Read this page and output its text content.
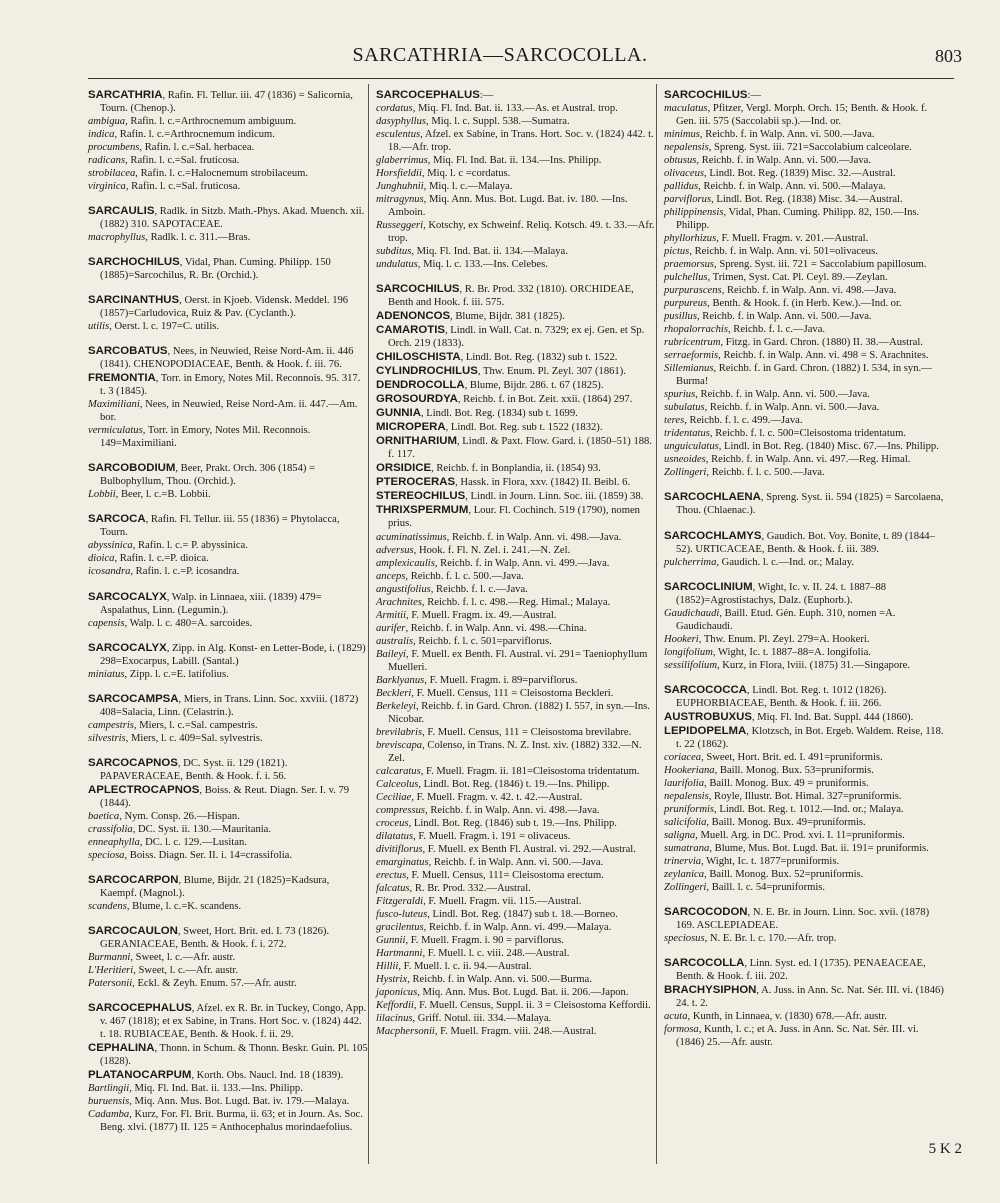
SARCATHRIA—SARCOCOLLA.	803

SARCATHRIA, Rafin. Fl. Tellur. iii. 47 (1836) = Salicornia, Tourn. (Chenop.).

ambigua, Rafin. l. c.=Arthrocnemum ambiguum.

indica, Rafin. l. c.=Arthrocnemum indicum.

procumbens, Rafin. l. c.=Sal. herbacea.

radicans, Rafin. l. c.=Sal. fruticosa.

strobilacea, Rafin. l. c.=Halocnemum strobilaceum.

virginica, Rafin. l. c.=Sal. fruticosa.

SARCAULIS, Radlk. in Sitzb. Math.-Phys. Akad. Muench. xii. (1882) 310. SAPOTACEAE.

macrophyllus, Radlk. l. c. 311.—Bras.

SARCHOCHILUS, Vidal, Phan. Cuming. Philipp. 150 (1885)=Sarcochilus, R. Br. (Orchid.).

SARCINANTHUS, Oerst. in Kjoeb. Vidensk. Meddel. 196 (1857)=Carludovica, Ruiz & Pav. (Cyclanth.).

utilis, Oerst. l. c. 197=C. utilis.

SARCOBATUS, Nees, in Neuwied, Reise Nord-Am. ii. 446 (1841). CHENOPODIACEAE, Benth. & Hook. f. iii. 76.

FREMONTIA, Torr. in Emory, Notes Mil. Reconnois. 95. 317. t. 3 (1845).

Maximiliani, Nees, in Neuwied, Reise Nord-Am. ii. 447.—Am. bor.

vermiculatus, Torr. in Emory, Notes Mil. Reconnois. 149=Maximiliani.

SARCOBODIUM, Beer, Prakt. Orch. 306 (1854) = Bulbophyllum, Thou. (Orchid.).

Lobbii, Beer, l. c.=B. Lobbii.

SARCOCA, Rafin. Fl. Tellur. iii. 55 (1836) = Phytolacca, Tourn.

abyssinica, Rafin. l. c.= P. abyssinica.

dioica, Rafin. l. c.=P. dioica.

icosandra, Rafin. l. c.=P. icosandra.

SARCOCALYX, Walp. in Linnaea, xiii. (1839) 479= Aspalathus, Linn. (Legumin.).

capensis, Walp. l. c. 480=A. sarcoides.

SARCOCALYX, Zipp. in Alg. Konst- en Letter-Bode, i. (1829) 298=Exocarpus, Labill. (Santal.)

miniatus, Zipp. l. c.=E. latifolius.

SARCOCAMPSA, Miers, in Trans. Linn. Soc. xxviii. (1872) 408=Salacia, Linn. (Celastrin.).

campestris, Miers, l. c.=Sal. campestris.

silvestris, Miers, l. c. 409=Sal. sylvestris.

SARCOCAPNOS, DC. Syst. ii. 129 (1821). PAPAVERACEAE, Benth. & Hook. f. i. 56.

APLECTROCAPNOS, Boiss. & Reut. Diagn. Ser. I. v. 79 (1844).

baetica, Nym. Consp. 26.—Hispan.

crassifolia, DC. Syst. ii. 130.—Mauritania.

enneaphylla, DC. l. c. 129.—Lusitan.

speciosa, Boiss. Diagn. Ser. II. i. 14=crassifolia.

SARCOCARPON, Blume, Bijdr. 21 (1825)=Kadsura, Kaempf. (Magnol.).

scandens, Blume, l. c.=K. scandens.

SARCOCAULON, Sweet, Hort. Brit. ed. I. 73 (1826). GERANIACEAE, Benth. & Hook. f. i. 272.

Burmanni, Sweet, l. c.—Afr. austr.

L'Heritieri, Sweet, l. c.—Afr. austr.

Patersonii, Eckl. & Zeyh. Enum. 57.—Afr. austr.

SARCOCEPHALUS, Afzel. ex R. Br. in Tuckey, Congo, App. v. 467 (1818); et ex Sabine, in Trans. Hort Soc. v. (1824) 442. t. 18. RUBIACEAE, Benth. & Hook. f. ii. 29.

CEPHALINA, Thonn. in Schum. & Thonn. Beskr. Guin. Pl. 105 (1828).

PLATANOCARPUM, Korth. Obs. Naucl. Ind. 18 (1839).

Bartlingii, Miq. Fl. Ind. Bat. ii. 133.—Ins. Philipp.

buruensis, Miq. Ann. Mus. Bot. Lugd. Bat. iv. 179.—Malaya.

Cadamba, Kurz, For. Fl. Brit. Burma, ii. 63; et in Journ. As. Soc. Beng. xlvi. (1877) II. 125 = Anthocephalus morindaefolius.

SARCOCEPHALUS:—

cordatus, Miq. Fl. Ind. Bat. ii. 133.—As. et Austral. trop.

dasyphyllus, Miq. l. c. Suppl. 538.—Sumatra.

esculentus, Afzel. ex Sabine, in Trans. Hort. Soc. v. (1824) 442. t. 18.—Afr. trop.

glaberrimus, Miq. Fl. Ind. Bat. ii. 134.—Ins. Philipp.

Horsfieldii, Miq. l. c =cordatus.

Junghuhnii, Miq. l. c.—Malaya.

mitragynus, Miq. Ann. Mus. Bot. Lugd. Bat. iv. 180. —Ins. Amboin.

Russeggeri, Kotschy, ex Schweinf. Reliq. Kotsch. 49. t. 33.—Afr. trop.

subditus, Miq. Fl. Ind. Bat. ii. 134.—Malaya.

undulatus, Miq. l. c. 133.—Ins. Celebes.

SARCOCHILUS, R. Br. Prod. 332 (1810). ORCHIDEAE, Benth and Hook. f. iii. 575.

ADENONCOS, Blume, Bijdr. 381 (1825).

CAMAROTIS, Lindl. in Wall. Cat. n. 7329; ex ej. Gen. et Sp. Orch. 219 (1833).

CHILOSCHISTA, Lindl. Bot. Reg. (1832) sub t. 1522.

CYLINDROCHILUS, Thw. Enum. Pl. Zeyl. 307 (1861).

DENDROCOLLA, Blume, Bijdr. 286. t. 67 (1825).

GROSOURDYA, Reichb. f. in Bot. Zeit. xxii. (1864) 297.

GUNNIA, Lindl. Bot. Reg. (1834) sub t. 1699.

MICROPERA, Lindl. Bot. Reg. sub t. 1522 (1832).

ORNITHARIUM, Lindl. & Paxt. Flow. Gard. i. (1850–51) 188. f. 117.

ORSIDICE, Reichb. f. in Bonplandia, ii. (1854) 93.

PTEROCERAS, Hassk. in Flora, xxv. (1842) II. Beibl. 6.

STEREOCHILUS, Lindl. in Journ. Linn. Soc. iii. (1859) 38.

THRIXSPERMUM, Lour. Fl. Cochinch. 519 (1790), nomen prius.

acuminatissimus, Reichb. f. in Walp. Ann. vi. 498.—Java.

adversus, Hook. f. Fl. N. Zel. i. 241.—N. Zel.

amplexicaulis, Reichb. f. in Walp. Ann. vi. 499.—Java.

anceps, Reichb. f. l. c. 500.—Java.

angustifolius, Reichb. f. l. c.—Java.

Arachnites, Reichb. f. l. c. 498.—Reg. Himal.; Malaya.

Armitii, F. Muell. Fragm. ix. 49.—Austral.

aurifer, Reichb. f. in Walp. Ann. vi. 498.—China.

australis, Reichb. f. l. c. 501=parviflorus.

Baileyi, F. Muell. ex Benth. Fl. Austral. vi. 291= Taeniophyllum Muelleri.

Barklyanus, F. Muell. Fragm. i. 89=parviflorus.

Beckleri, F. Muell. Census, 111 = Cleisostoma Beckleri.

Berkeleyi, Reichb. f. in Gard. Chron. (1882) I. 557, in syn.—Ins. Nicobar.

brevilabris, F. Muell. Census, 111 = Cleisostoma brevilabre.

breviscapa, Colenso, in Trans. N. Z. Inst. xiv. (1882) 332.—N. Zel.

calcaratus, F. Muell. Fragm. ii. 181=Cleisostoma tridentatum.

Calceolus, Lindl. Bot. Reg. (1846) t. 19.—Ins. Philipp.

Ceciliae, F. Muell. Fragm. v. 42. t. 42.—Austral.

compressus, Reichb. f. in Walp. Ann. vi. 498.—Java.

croceus, Lindl. Bot. Reg. (1846) sub t. 19.—Ins. Philipp.

dilatatus, F. Muell. Fragm. i. 191 = olivaceus.

divitiflorus, F. Muell. ex Benth Fl. Austral. vi. 292.—Austral.

emarginatus, Reichb. f. in Walp. Ann. vi. 500.—Java.

erectus, F. Muell. Census, 111= Cleisostoma erectum.

falcatus, R. Br. Prod. 332.—Austral.

Fitzgeraldi, F. Muell. Fragm. vii. 115.—Austral.

fusco-luteus, Lindl. Bot. Reg. (1847) sub t. 18.—Borneo.

gracilentus, Reichb. f. in Walp. Ann. vi. 499.—Malaya.

Gunnii, F. Muell. Fragm. i. 90 = parviflorus.

Hartmanni, F. Muell. l. c. viii. 248.—Austral.

Hillii, F. Muell. l. c. ii. 94.—Austral.

Hystrix, Reichb. f. in Walp. Ann. vi. 500.—Burma.

japonicus, Miq. Ann. Mus. Bot. Lugd. Bat. ii. 206.—Japon.

Keffordii, F. Muell. Census, Suppl. ii. 3 = Cleisostoma Keffordii.

lilacinus, Griff. Notul. iii. 334.—Malaya.

Macphersonii, F. Muell. Fragm. viii. 248.—Austral.

SARCOCHILUS:—

maculatus, Pfitzer, Vergl. Morph. Orch. 15; Benth. & Hook. f. Gen. iii. 575 (Saccolabii sp.).—Ind. or.

minimus, Reichb. f. in Walp. Ann. vi. 500.—Java.

nepalensis, Spreng. Syst. iii. 721=Saccolabium calceolare.

obtusus, Reichb. f. in Walp. Ann. vi. 500.—Java.

olivaceus, Lindl. Bot. Reg. (1839) Misc. 32.—Austral.

pallidus, Reichb. f. in Walp. Ann. vi. 500.—Malaya.

parviflorus, Lindl. Bot. Reg. (1838) Misc. 34.—Austral.

philippinensis, Vidal, Phan. Cuming. Philipp. 82, 150.—Ins. Philipp.

phyllorhizus, F. Muell. Fragm. v. 201.—Austral.

pictus, Reichb. f. in Walp. Ann. vi. 501=olivaceus.

praemorsus, Spreng. Syst. iii. 721 = Saccolabium papillosum.

pulchellus, Trimen, Syst. Cat. Pl. Ceyl. 89.—Zeylan.

purpurascens, Reichb. f. in Walp. Ann. vi. 498.—Java.

purpureus, Benth. & Hook. f. (in Herb. Kew.).—Ind. or.

pusillus, Reichb. f. in Walp. Ann. vi. 500.—Java.

rhopalorrachis, Reichb. f. l. c.—Java.

rubricentrum, Fitzg. in Gard. Chron. (1880) II. 38.—Austral.

serraeformis, Reichb. f. in Walp. Ann. vi. 498 = S. Arachnites.

Sillemianus, Reichb. f. in Gard. Chron. (1882) I. 534, in syn.—Burma!

spurius, Reichb. f. in Walp. Ann. vi. 500.—Java.

subulatus, Reichb. f. in Walp. Ann. vi. 500.—Java.

teres, Reichb. f. l. c. 499.—Java.

tridentatus, Reichb. f. l. c. 500=Cleisostoma tridentatum.

unguiculatus, Lindl. in Bot. Reg. (1840) Misc. 67.—Ins. Philipp.

usneoides, Reichb. f. in Walp. Ann. vi. 497.—Reg. Himal.

Zollingeri, Reichb. f. l. c. 500.—Java.

SARCOCHLAENA, Spreng. Syst. ii. 594 (1825) = Sarcolaena, Thou. (Chlaenac.).

SARCOCHLAMYS, Gaudich. Bot. Voy. Bonite, t. 89 (1844–52). URTICACEAE, Benth. & Hook. f. iii. 389.

pulcherrima, Gaudich. l. c.—Ind. or.; Malay.

SARCOCLINIUM, Wight, Ic. v. II. 24. t. 1887–88 (1852)=Agrostistachys, Dalz. (Euphorb.).

Gaudichaudi, Baill. Etud. Gén. Euph. 310, nomen =A. Gaudichaudi.

Hookeri, Thw. Enum. Pl. Zeyl. 279=A. Hookeri.

longifolium, Wight, Ic. t. 1887–88=A. longifolia.

sessilifolium, Kurz, in Flora, lviii. (1875) 31.—Singapore.

SARCOCOCCA, Lindl. Bot. Reg. t. 1012 (1826). EUPHORBIACEAE, Benth. & Hook. f. iii. 266.

AUSTROBUXUS, Miq. Fl. Ind. Bat. Suppl. 444 (1860).

LEPIDOPELMA, Klotzsch, in Bot. Ergeb. Waldem. Reise, 118. t. 22 (1862).

coriacea, Sweet, Hort. Brit. ed. I. 491=pruniformis.

Hookeriana, Baill. Monog. Bux. 53=pruniformis.

laurifolia, Baill. Monog. Bux. 49 = pruniformis.

nepalensis, Royle, Illustr. Bot. Himal. 327=pruniformis.

pruniformis, Lindl. Bot. Reg. t. 1012.—Ind. or.; Malaya.

salicifolia, Baill. Monog. Bux. 49=pruniformis.

saligna, Muell. Arg. in DC. Prod. xvi. I. 11=pruniformis.

sumatrana, Blume, Mus. Bot. Lugd. Bat. ii. 191= pruniformis.

trinervia, Wight, Ic. t. 1877=pruniformis.

zeylanica, Baill. Monog. Bux. 52=pruniformis.

Zollingeri, Baill. l. c. 54=pruniformis.

SARCOCODON, N. E. Br. in Journ. Linn. Soc. xvii. (1878) 169. ASCLEPIADEAE.

speciosus, N. E. Br. l. c. 170.—Afr. trop.

SARCOCOLLA, Linn. Syst. ed. I (1735). PENAEACEAE, Benth. & Hook. f. iii. 202.

BRACHYSIPHON, A. Juss. in Ann. Sc. Nat. Sér. III. vi. (1846) 24. t. 2.

acuta, Kunth, in Linnaea, v. (1830) 678.—Afr. austr.

formosa, Kunth, l. c.; et A. Juss. in Ann. Sc. Nat. Sér. III. vi. (1846) 25.—Afr. austr.

5 K 2
